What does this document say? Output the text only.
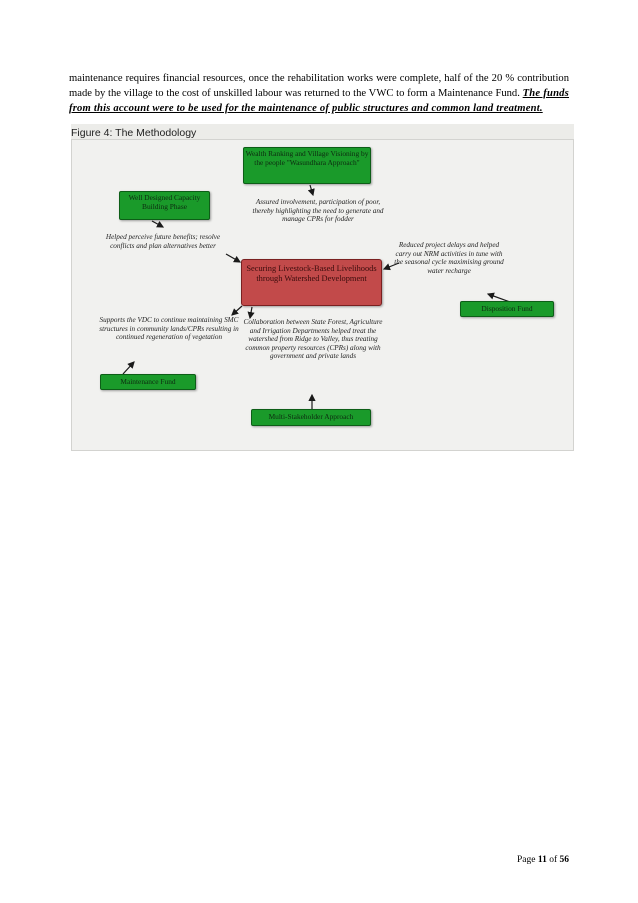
maintenance requires financial resources, once the rehabilitation works were complete, half of the 20 % contribution made by the village to the cost of unskilled labour was returned to the VWC to form a Maintenance Fund. The funds from this account were to be used for the maintenance of public structures and common land treatment.

Figure 4: The Methodology
Wealth Ranking and Village Visioning by the people "Wasundhara Approach"
Assured involvement, participation of poor, thereby highlighting the need to generate and manage CPRs for fodder
Well Designed Capacity Building Phase
Helped perceive future benefits; resolve conflicts and plan alternatives better
Securing Livestock-Based Livelihoods through Watershed Development
Reduced project delays and helped carry out NRM activities in tune with the seasonal cycle maximising ground water recharge
Disposition Fund
Supports the VDC to continue maintaining SMC structures in community lands/CPRs resulting in continued regeneration of vegetation
Maintenance Fund
Collaboration between State Forest, Agriculture and Irrigation Departments helped treat the watershed from Ridge to Valley, thus treating common property resources (CPRs) along with government and private lands
Multi-Stakeholder Approach
Page 11 of 56
